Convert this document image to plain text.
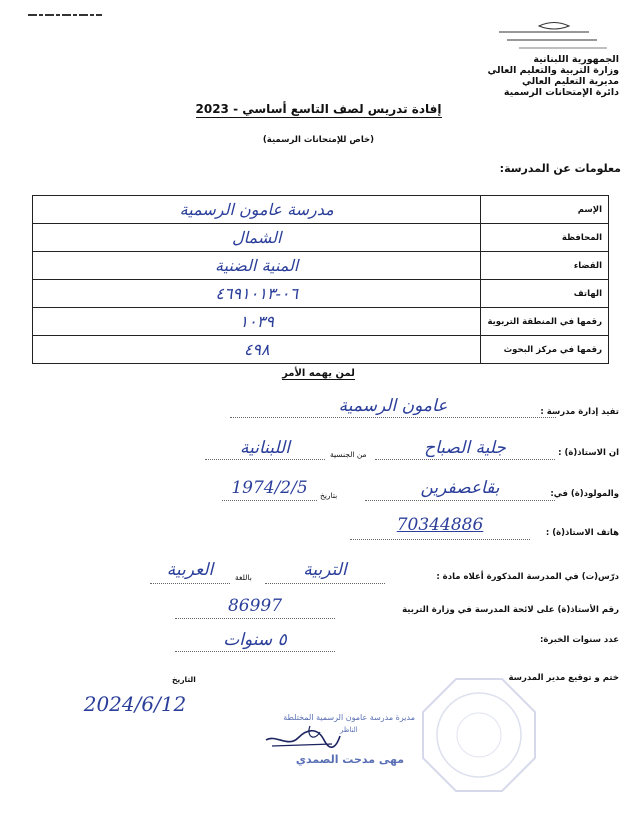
الجمهورية اللبنانية
وزارة التربية والتعليم العالي
مديرية التعليم العالي
دائرة الإمتحانات الرسمية
إفادة تدريس لصف التاسع أساسي - 2023
(خاص للإمتحانات الرسمية)
معلومات عن المدرسة:
الإسم	مدرسة عامون الرسمية
المحافظة	الشمال
القضاء	المنية الضنية
الهاتف	٠٦-٤٦٩١٠١٣
رقمها في المنطقة التربوية	١٠٣٩
رقمها في مركز البحوث	٤٩٨
لمن يهمه الأمر
تفيد إدارة مدرسة :
عامون الرسمية
ان الاستاذ(ة) :
جلية الصباح
من الجنسية
اللبنانية
والمولود(ة) في:
بقاعصفرين
بتاريخ
1974/2/5
هاتف الاستاذ(ة) :
70344886
درّس(ت) في المدرسة المذكورة أعلاه مادة :
التربية
باللغة
العربية
رقم الأستاذ(ة) على لائحة المدرسة في وزارة التربية
86997
عدد سنوات الخبرة:
٥ سنوات
ختم و توقيع مدير المدرسة
التاريخ
2024/6/12
مديرة مدرسة عامون الرسمية المختلطة
الناظر
مهى مدحت الصمدي
